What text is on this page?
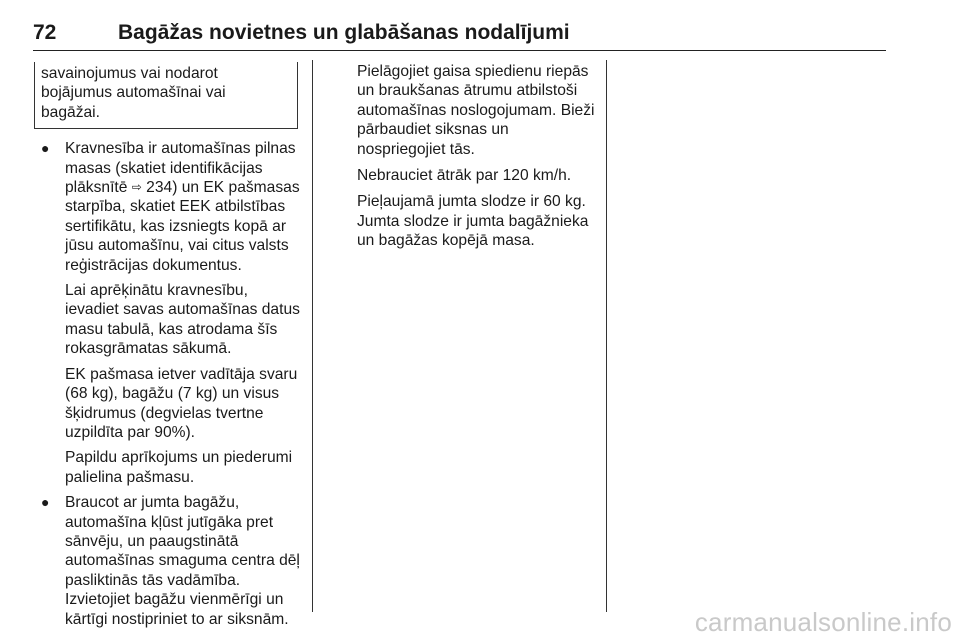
72	Bagāžas novietnes un glabāšanas nodalījumi

savainojumus vai nodarot

bojājumus automašīnai vai

bagāžai.

● Kravnesība ir automašīnas pilnas masas (skatiet identifikācijas plāksnītē ⇨ 234) un EK pašmasas starpība, skatiet EEK atbilstības sertifikātu, kas izsniegts kopā ar jūsu automašīnu, vai citus valsts reģistrācijas dokumentus.

Lai aprēķinātu kravnesību, ievadiet savas automašīnas datus masu tabulā, kas atrodama šīs rokasgrāmatas sākumā.

EK pašmasa ietver vadītāja svaru (68 kg), bagāžu (7 kg) un visus šķidrumus (degvielas tvertne uzpildīta par 90%).

Papildu aprīkojums un piederumi palielina pašmasu.

● Braucot ar jumta bagāžu, automašīna kļūst jutīgāka pret sānvēju, un paaugstinātā automašīnas smaguma centra dēļ pasliktinās tās vadāmība. Izvietojiet bagāžu vienmērīgi un kārtīgi nostipriniet to ar siksnām.

Pielāgojiet gaisa spiedienu riepās un braukšanas ātrumu atbilstoši automašīnas noslogojumam. Bieži pārbaudiet siksnas un nospriegojiet tās.

Nebrauciet ātrāk par 120 km/h.

Pieļaujamā jumta slodze ir 60 kg. Jumta slodze ir jumta bagāžnieka un bagāžas kopējā masa.

carmanualsonline.info
